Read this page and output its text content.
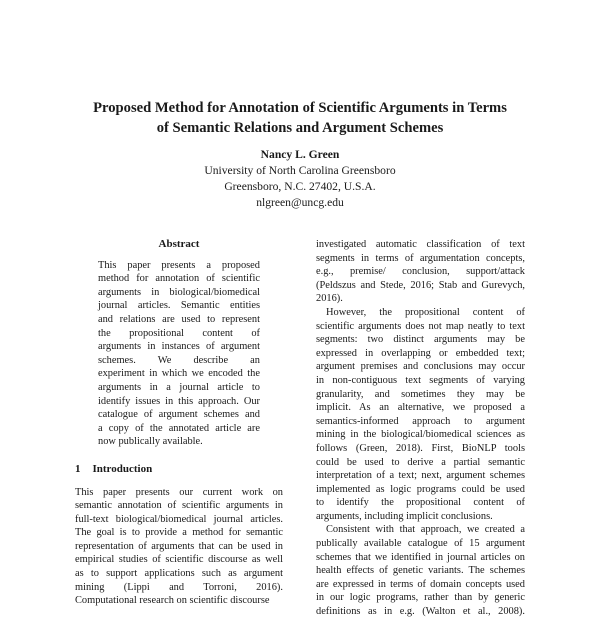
Proposed Method for Annotation of Scientific Arguments in Terms
of Semantic Relations and Argument Schemes
Nancy L. Green
University of North Carolina Greensboro
Greensboro, N.C. 27402, U.S.A.
nlgreen@uncg.edu
Abstract
This paper presents a proposed
method for annotation of scientific
arguments in biological/biomedical
journal articles. Semantic entities
and relations are used to represent
the propositional content of
arguments in instances of argument
schemes. We describe an
experiment in which we encoded the
arguments in a journal article to
identify issues in this approach. Our
catalogue of argument schemes and
a copy of the annotated article are
now publically available.
1 Introduction
This paper presents our current work on
semantic annotation of scientific arguments in
full-text biological/biomedical journal articles.
The goal is to provide a method for semantic
representation of arguments that can be used in
empirical studies of scientific discourse as well
as to support applications such as argument
mining (Lippi and Torroni, 2016).
Computational research on scientific discourse
investigated automatic classification of text
segments in terms of argumentation concepts,
e.g., premise/ conclusion, support/attack
(Peldszus and Stede, 2016; Stab and Gurevych,
2016).
However, the propositional content of
scientific arguments does not map neatly to text
segments: two distinct arguments may be
expressed in overlapping or embedded text;
argument premises and conclusions may occur
in non-contiguous text segments of varying
granularity, and sometimes they may be
implicit. As an alternative, we proposed a
semantics-informed approach to argument
mining in the biological/biomedical sciences as
follows (Green, 2018). First, BioNLP tools
could be used to derive a partial semantic
interpretation of a text; next, argument schemes
implemented as logic programs could be used
to identify the propositional content of
arguments, including implicit conclusions.
Consistent with that approach, we created a
publically available catalogue of 15 argument
schemes that we identified in journal articles on
health effects of genetic variants. The schemes
are expressed in terms of domain concepts used
in our logic programs, rather than by generic
definitions as in e.g. (Walton et al., 2008).
